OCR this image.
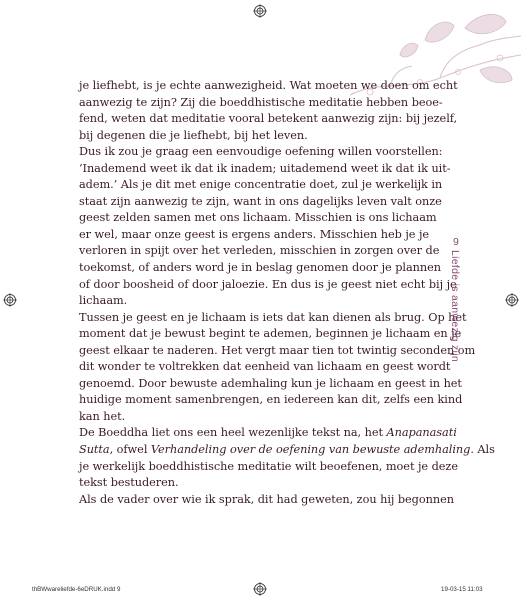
je liefhebt, is je echte aanwezigheid. Wat moeten we doen om echt
aanwezig te zijn? Zij die boeddhistische meditatie hebben beoe-
fend, weten dat meditatie vooral betekent aanwezig zijn: bij jezelf,
bij degenen die je liefhebt, bij het leven.
Dus ik zou je graag een eenvoudige oefening willen voorstellen:
‘Inademend weet ik dat ik inadem; uitademend weet ik dat ik uit-
adem.’ Als je dit met enige concentratie doet, zul je werkelijk in
staat zijn aanwezig te zijn, want in ons dagelijks leven valt onze
geest zelden samen met ons lichaam. Misschien is ons lichaam
er wel, maar onze geest is ergens anders. Misschien heb je je
verloren in spijt over het verleden, misschien in zorgen over de
toekomst, of anders word je in beslag genomen door je plannen
of door boosheid of door jaloezie. En dus is je geest niet echt bij je
lichaam.
Tussen je geest en je lichaam is iets dat kan dienen als brug. Op het
moment dat je bewust begint te ademen, beginnen je lichaam en je
geest elkaar te naderen. Het vergt maar tien tot twintig seconden om
dit wonder te voltrekken dat eenheid van lichaam en geest wordt
genoemd. Door bewuste ademhaling kun je lichaam en geest in het
huidige moment samenbrengen, en iedereen kan dit, zelfs een kind
kan het.
De Boeddha liet ons een heel wezenlijke tekst na, het Anapanasati
Sutta, ofwel Verhandeling over de oefening van bewuste ademhaling. Als
je werkelijk boeddhistische meditatie wilt beoefenen, moet je deze
tekst bestuderen.
Als de vader over wie ik sprak, dit had geweten, zou hij begonnen
9
Liefde is aanwezig zijn
thBWwareliefde-6eDRUK.indd 9	19-03-15 11:03
